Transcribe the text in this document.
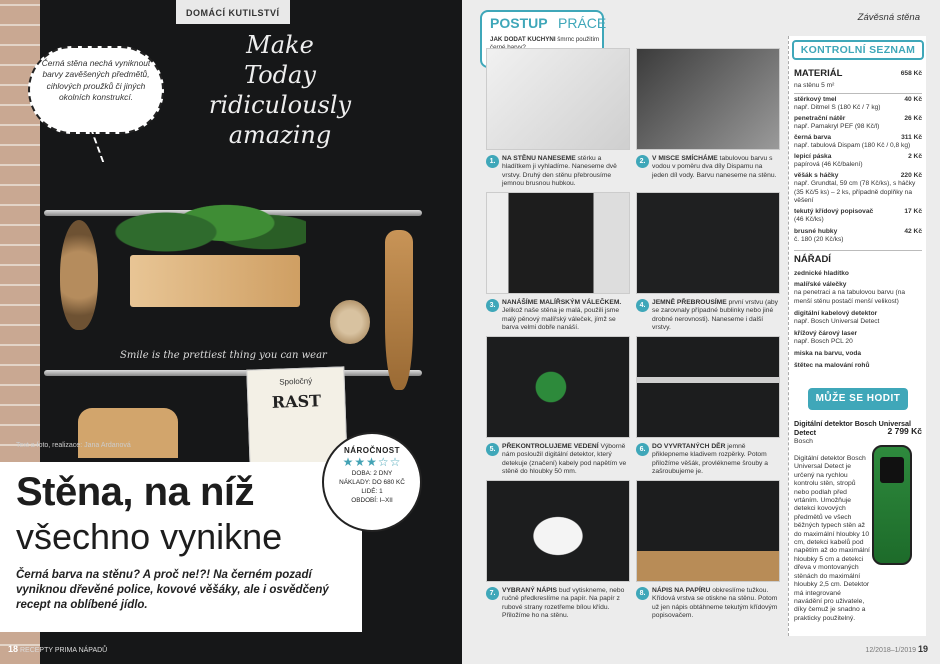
DOMÁCÍ KUTILSTVÍ
Černá stěna nechá vyniknout barvy zavěšených předmětů, cihlových proužků či jiných okolních konstrukcí.
Make
Today
ridiculously
amazing
Smile is the prettiest thing you can wear
Spoločný
RAST
Text a foto, realizace: Jana Ardanová
Stěna, na níž
všechno vynikne

Černá barva na stěnu? A proč ne!?! Na černém pozadí vyniknou dřevěné police, kovové věšáky, ale i osvědčený recept na oblíbené jídlo.

NÁROČNOST
★★★☆☆
DOBA: 2 DNY
NÁKLADY: DO 680 KČ
LIDÉ: 1
OBDOBÍ: I–XII
18 RECEPTY PRIMA NÁPADŮ
POSTUP PRÁCE
JAK DODAT KUCHYNI šmrnc použitím
Závěsná stěna
1. NA STĚNU NANESEME stěrku a hladítkem ji vyhladíme. Naneseme dvě vrstvy. Druhý den stěnu přebrousíme jemnou brusnou hubkou.
2. V MISCE SMÍCHÁME tabulovou barvu s vodou v poměru dva díly Dispamu na jeden díl vody. Barvu naneseme na stěnu.
3. NANÁŠÍME MALÍŘSKÝM VÁLEČKEM. Jelikož naše stěna je malá, použili jsme malý pěnový malířský váleček, jímž se barva velmi dobře nanáší.
4. JEMNĚ PŘEBROUSÍME první vrstvu (aby se zarovnaly případné bublinky nebo jiné drobné nerovnosti). Naneseme i další vrstvy.
5. PŘEKONTROLUJEME VEDENÍ Výborně nám posloužil digitální detektor, který detekuje (značení) kabely pod napětím ve stěně do hloubky 50 mm.
6. DO VYVRTANÝCH DĚR jemně přiklepneme kladivem rozpěrky. Potom přiložíme věšák, provlékneme šrouby a zašroubujeme je.
7. VYBRANÝ NÁPIS buď vytiskneme, nebo ručně předkreslíme na papír. Na papír z rubové strany rozetřeme bílou křídu. Přiložíme ho na stěnu.
8. NÁPIS NA PAPÍRU obkreslíme tužkou. Křídová vrstva se otiskne na stěnu. Potom už jen nápis obtáhneme tekutým křídovým popisovačem.
KONTROLNÍ SEZNAM
MATERIÁL	658 Kč
na stěnu 5 m²
stěrkový tmel
např. Ditmel S (180 Kč / 7 kg)
40 Kč
penetrační nátěr
např. Pamakryl PEF (98 Kč/l)
26 Kč
černá barva
např. tabulová Dispam (180 Kč / 0,8 kg)
311 Kč
lepicí páska
papírová (46 Kč/balení)
2 Kč
věšák s háčky
např. Grundtal, 59 cm (78 Kč/ks), s háčky (35 Kč/5 ks) – 2 ks, případně doplňky na věšení
220 Kč
tekutý křídový popisovač
(46 Kč/ks)
17 Kč
brusné hubky
č. 180 (20 Kč/ks)
42 Kč
NÁŘADÍ
zednické hladítko
malířské válečky
na penetraci a na tabulovou barvu (na menší stěnu postačí menší velikost)
digitální kabelový detektor
např. Bosch Universal Detect
křížový čárový laser
např. Bosch PCL 20
miska na barvu, voda
štětec na malování rohů
MŮŽE SE HODIT
Digitální detektor Bosch Universal Detect	2 799 Kč
Bosch
Digitální detektor Bosch Universal Detect je určený na rychlou kontrolu stěn, stropů nebo podlah před vrtáním. Umožňuje detekci kovových předmětů ve všech běžných typech stěn až do maximální hloubky 10 cm, detekci kabelů pod napětím až do maximální hloubky 5 cm a detekci dřeva v montovaných stěnách do maximální hloubky 2,5 cm. Detektor má integrované navádění pro uživatele, díky čemuž je snadno a prakticky použitelný.
12/2018–1/2019 19
